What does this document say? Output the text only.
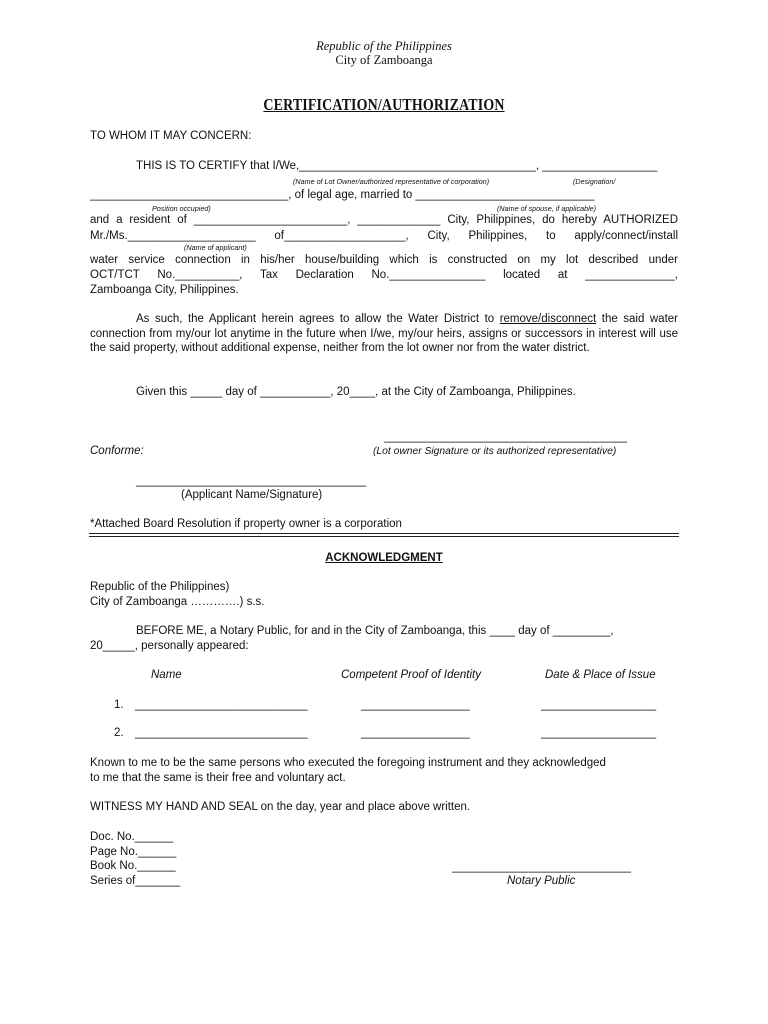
Republic of the Philippines
City of Zamboanga
CERTIFICATION/AUTHORIZATION
TO WHOM IT MAY CONCERN:
THIS IS TO CERTIFY that I/We,_____________________________________, __________________
(Name of Lot Owner/authorized representative of corporation)	(Designation/
_______________________________, of legal age, married to ____________________________
Position occupied)	(Name of spouse, if applicable)
and a resident of ________________________, _____________ City, Philippines, do hereby AUTHORIZED
Mr./Ms.____________________ of___________________, City, Philippines, to apply/connect/install
(Name of applicant)
water service connection in his/her house/building which is constructed on my lot described under
OCT/TCT No.__________, Tax Declaration No._______________ located at ______________,
Zamboanga City, Philippines.
As such, the Applicant herein agrees to allow the Water District to remove/disconnect the said water connection from my/our lot anytime in the future when I/we, my/our heirs, assigns or successors in interest will use the said property, without additional expense, neither from the lot owner nor from the water district.
Given this _____ day of ___________, 20____, at the City of Zamboanga, Philippines.
______________________________________
Conforme:	(Lot owner Signature or its authorized representative)
____________________________________
(Applicant Name/Signature)
*Attached Board Resolution if property owner is a corporation
ACKNOWLEDGMENT
Republic of the Philippines)
City of Zamboanga ………….) s.s.
BEFORE ME, a Notary Public, for and in the City of Zamboanga, this ____ day of _________,
20_____, personally appeared:
Name	Competent Proof of Identity	Date & Place of Issue
1. ___________________________	_________________	__________________
2. ___________________________	_________________	__________________
Known to me to be the same persons who executed the foregoing instrument and they acknowledged
to me that the same is their free and voluntary act.
WITNESS MY HAND AND SEAL on the day, year and place above written.
Doc. No.______
Page No.______
Book No.______
Series of_______
____________________________
Notary Public
